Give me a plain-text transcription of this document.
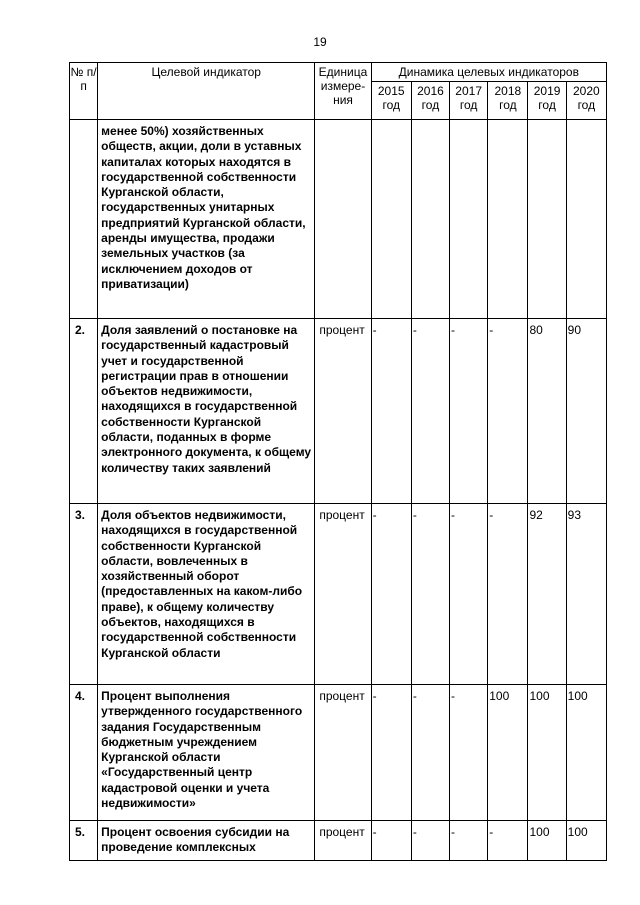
19
№ п/п	Целевой индикатор	Единица измере-ния	Динамика целевых индикаторов					
			2015 год	2016 год	2017 год	2018 год	2019 год	2020 год
	менее 50%) хозяйственных обществ, акции, доли в уставных капиталах которых находятся в государственной собственности Курганской области, государственных унитарных предприятий Курганской области, аренды имущества, продажи земельных участков (за исключением доходов от приватизации)							
2.	Доля заявлений о постановке на государственный кадастровый учет и государственной регистрации прав в отношении объектов недвижимости, находящихся в государственной собственности Курганской области, поданных в форме электронного документа, к общему количеству таких заявлений	процент	-	-	-	-	80	90
3.	Доля объектов недвижимости, находящихся в государственной собственности Курганской области, вовлеченных в хозяйственный оборот (предоставленных на каком-либо праве), к общему количеству объектов, находящихся в государственной собственности Курганской области	процент	-	-	-	-	92	93
4.	Процент выполнения утвержденного государственного задания Государственным бюджетным учреждением Курганской области «Государственный центр кадастровой оценки и учета недвижимости»	процент	-	-	-	100	100	100
5.	Процент освоения субсидии на проведение комплексных	процент	-	-	-	-	100	100
